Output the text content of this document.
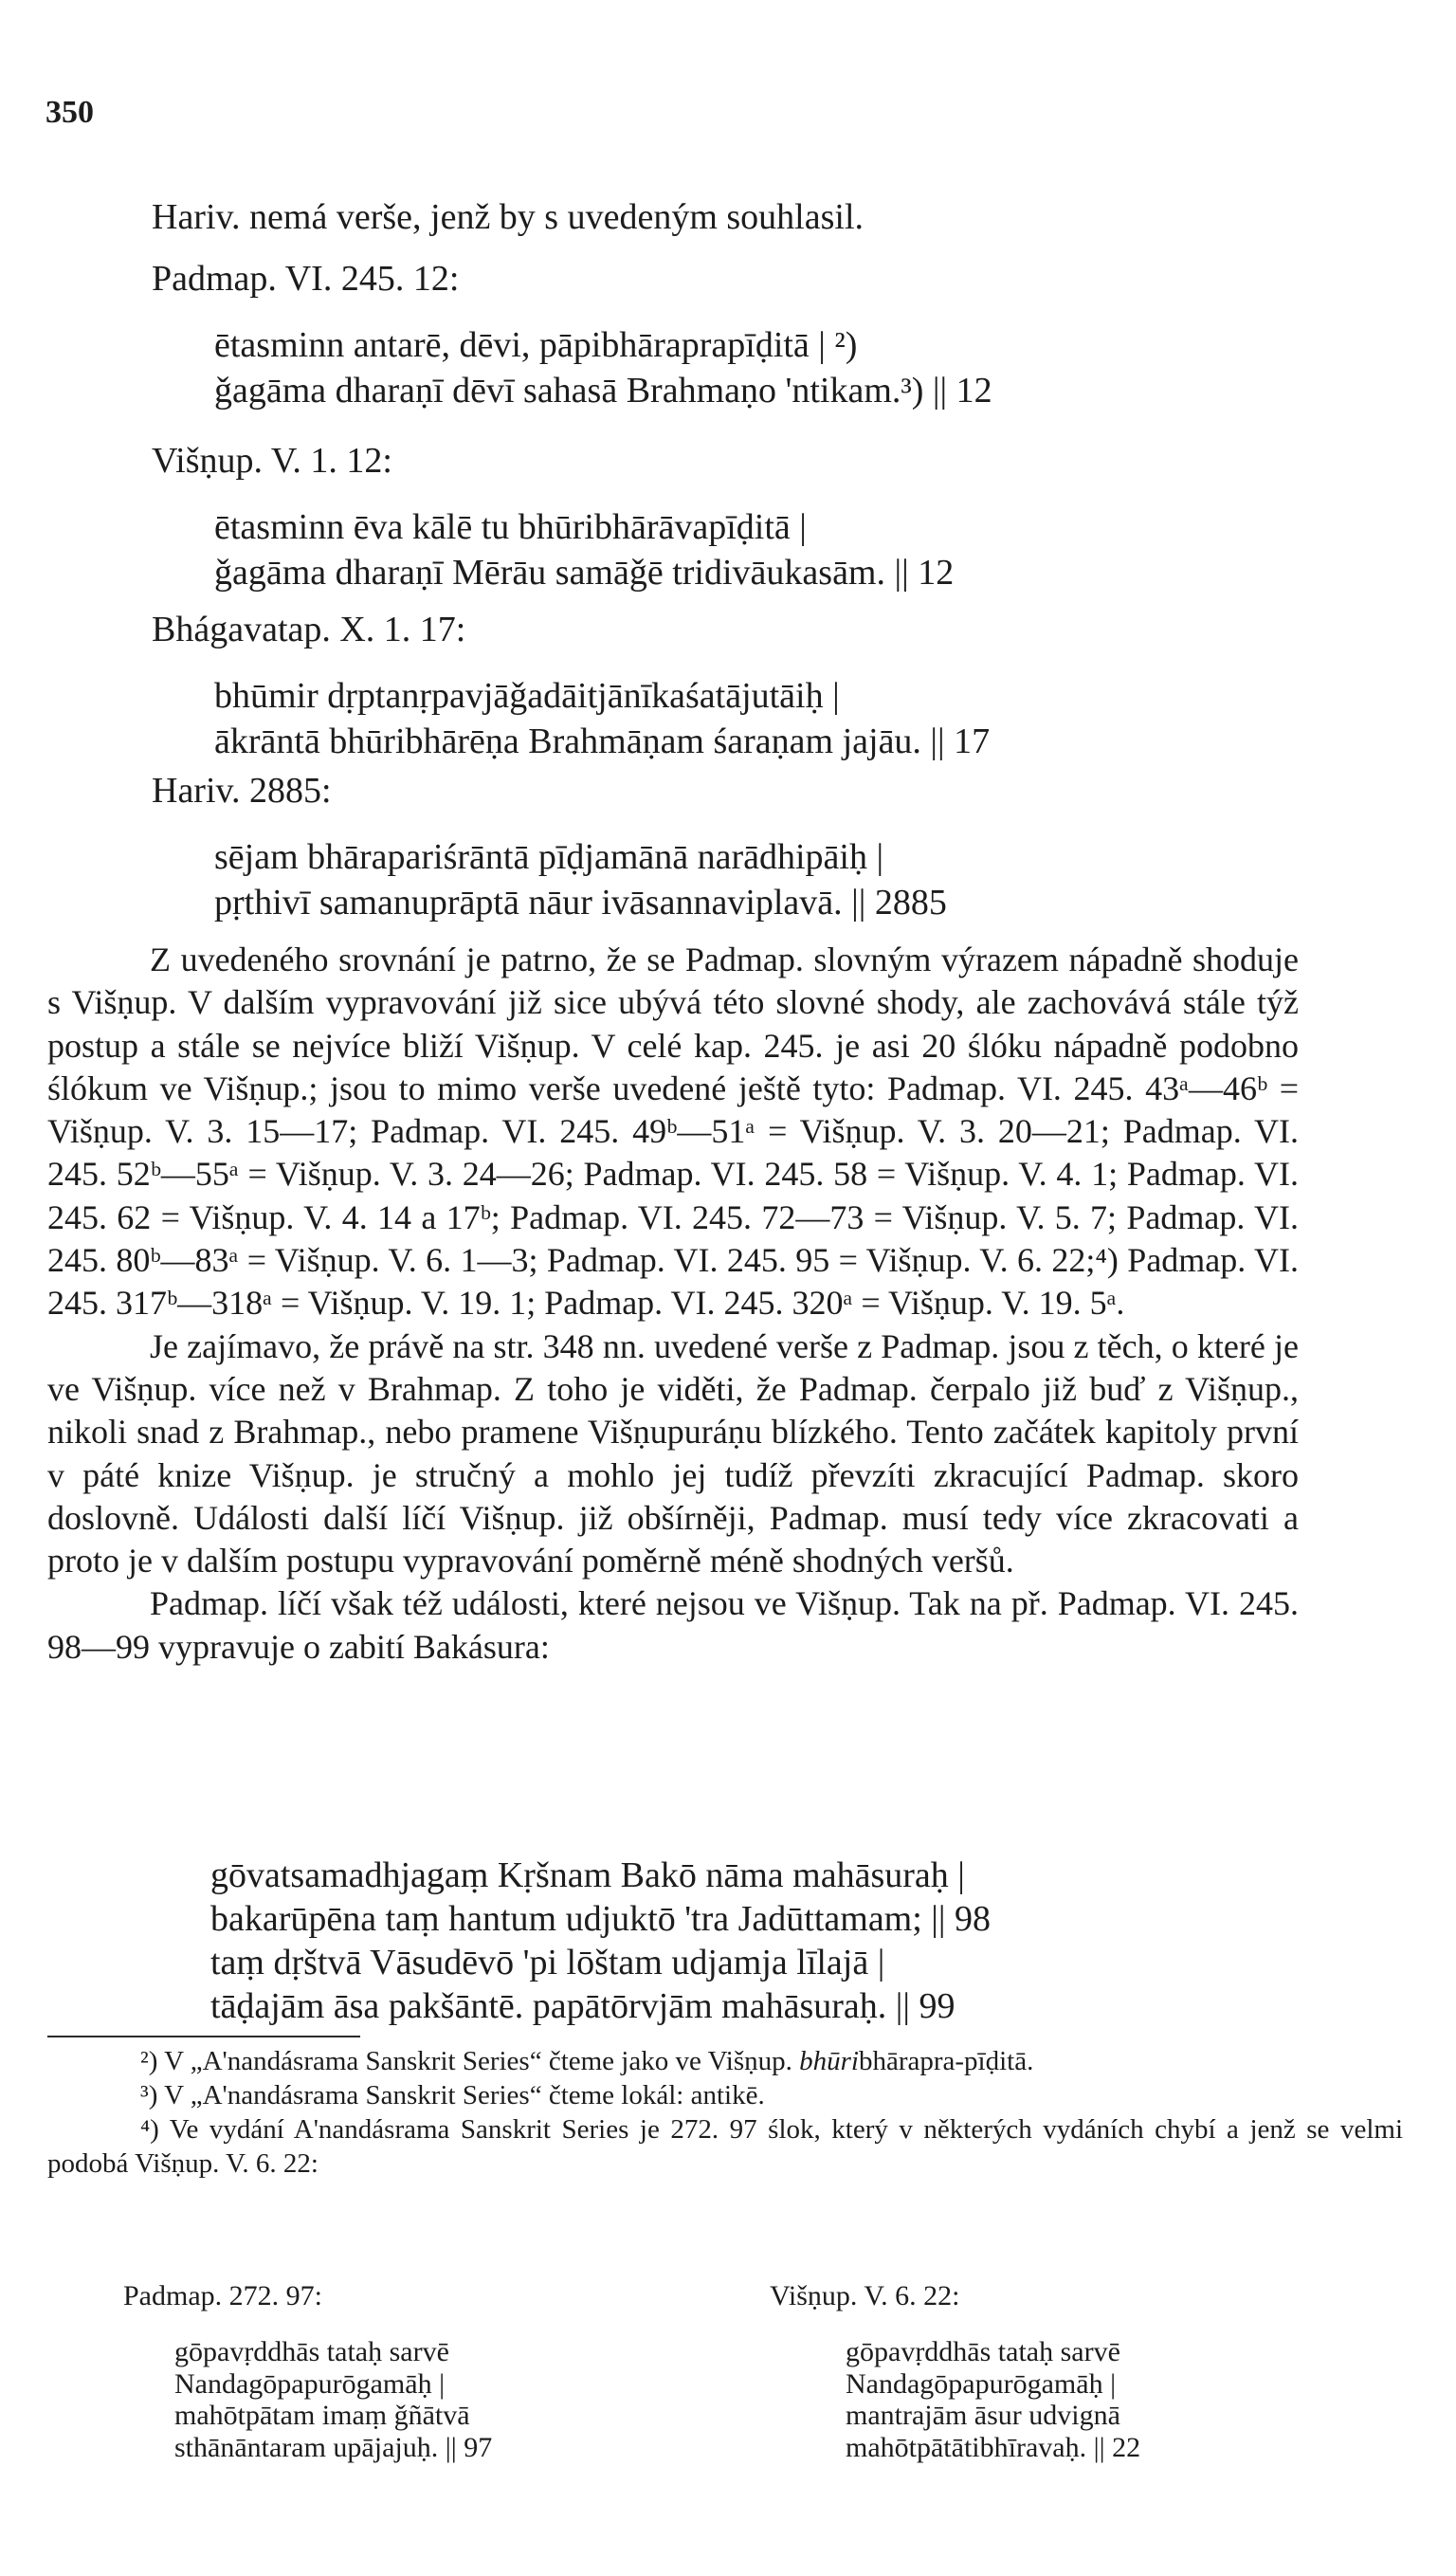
350
Hariv. nemá verše, jenž by s uvedeným souhlasil.
Padmap. VI. 245. 12:
ētasminn antarē, dēvi, pāpibhāraprapīḍitā | ²)
ǧagāma dharaṇī dēvī sahasā Brahmaṇo 'ntikam.³) || 12
Višṇup. V. 1. 12:
ētasminn ēva kālē tu bhūribhārāvapīḍitā |
ǧagāma dharaṇī Mērāu samāǧē tridivāukasām. || 12
Bhágavatap. X. 1. 17:
bhūmir dṛptanṛpavjāǧadāitjānīkaśatājutāiḥ |
ākrāntā bhūribhārēṇa Brahmāṇam śaraṇam jajāu. || 17
Hariv. 2885:
sējam bhārapariśrāntā pīḍjamānā narādhipāiḥ |
pṛthivī samanuprāptā nāur ivāsannaviplavā. || 2885

Z uvedeného srovnání je patrno, že se Padmap. slovným výrazem nápadně shoduje s Višṇup. V dalším vypravování již sice ubývá této slovné shody, ale zachovává stále týž postup a stále se nejvíce bliží Višṇup. V celé kap. 245. je asi 20 ślóku nápadně podobno ślókum ve Višṇup.; jsou to mimo verše uvedené ještě tyto: Padmap. VI. 245. 43ᵃ—46ᵇ = Višṇup. V. 3. 15—17; Padmap. VI. 245. 49ᵇ—51ᵃ = Višṇup. V. 3. 20—21; Padmap. VI. 245. 52ᵇ—55ᵃ = Višṇup. V. 3. 24—26; Padmap. VI. 245. 58 = Višṇup. V. 4. 1; Padmap. VI. 245. 62 = Višṇup. V. 4. 14 a 17ᵇ; Padmap. VI. 245. 72—73 = Višṇup. V. 5. 7; Padmap. VI. 245. 80ᵇ—83ᵃ = Višṇup. V. 6. 1—3; Padmap. VI. 245. 95 = Višṇup. V. 6. 22;⁴) Padmap. VI. 245. 317ᵇ—318ᵃ = Višṇup. V. 19. 1; Padmap. VI. 245. 320ᵃ = Višṇup. V. 19. 5ᵃ.

Je zajímavo, že právě na str. 348 nn. uvedené verše z Padmap. jsou z těch, o které je ve Višṇup. více než v Brahmap. Z toho je viděti, že Padmap. čerpalo již buď z Višṇup., nikoli snad z Brahmap., nebo pramene Višṇupuráṇu blízkého. Tento začátek kapitoly první v páté knize Višṇup. je stručný a mohlo jej tudíž převzíti zkracující Padmap. skoro doslovně. Události další líčí Višṇup. již obšírněji, Padmap. musí tedy více zkracovati a proto je v dalším postupu vypravování poměrně méně shodných veršů.

Padmap. líčí však též události, které nejsou ve Višṇup. Tak na př. Padmap. VI. 245. 98—99 vypravuje o zabití Bakásura:

gōvatsamadhjagaṃ Kṛšnam Bakō nāma mahāsuraḥ |
bakarūpēna taṃ hantum udjuktō 'tra Jadūttamam; || 98
taṃ dṛštvā Vāsudēvō 'pi lōštam udjamja līlajā |
tāḍajām āsa pakšāntē. papātōrvjām mahāsuraḥ. || 99

²) V „A'nandásrama Sanskrit Series“ čteme jako ve Višṇup. bhūribhārapra-pīḍitā.

³) V „A'nandásrama Sanskrit Series“ čteme lokál: antikē.

⁴) Ve vydání A'nandásrama Sanskrit Series je 272. 97 ślok, který v některých vydáních chybí a jenž se velmi podobá Višṇup. V. 6. 22:

Padmap. 272. 97:
gōpavṛddhās tataḥ sarvē
Nandagōpapurōgamāḥ |
mahōtpātam imaṃ ǧñātvā
sthānāntaram upājajuḥ. || 97
Višṇup. V. 6. 22:
gōpavṛddhās tataḥ sarvē
Nandagōpapurōgamāḥ |
mantrajām āsur udvignā
mahōtpātātibhīravaḥ. || 22
